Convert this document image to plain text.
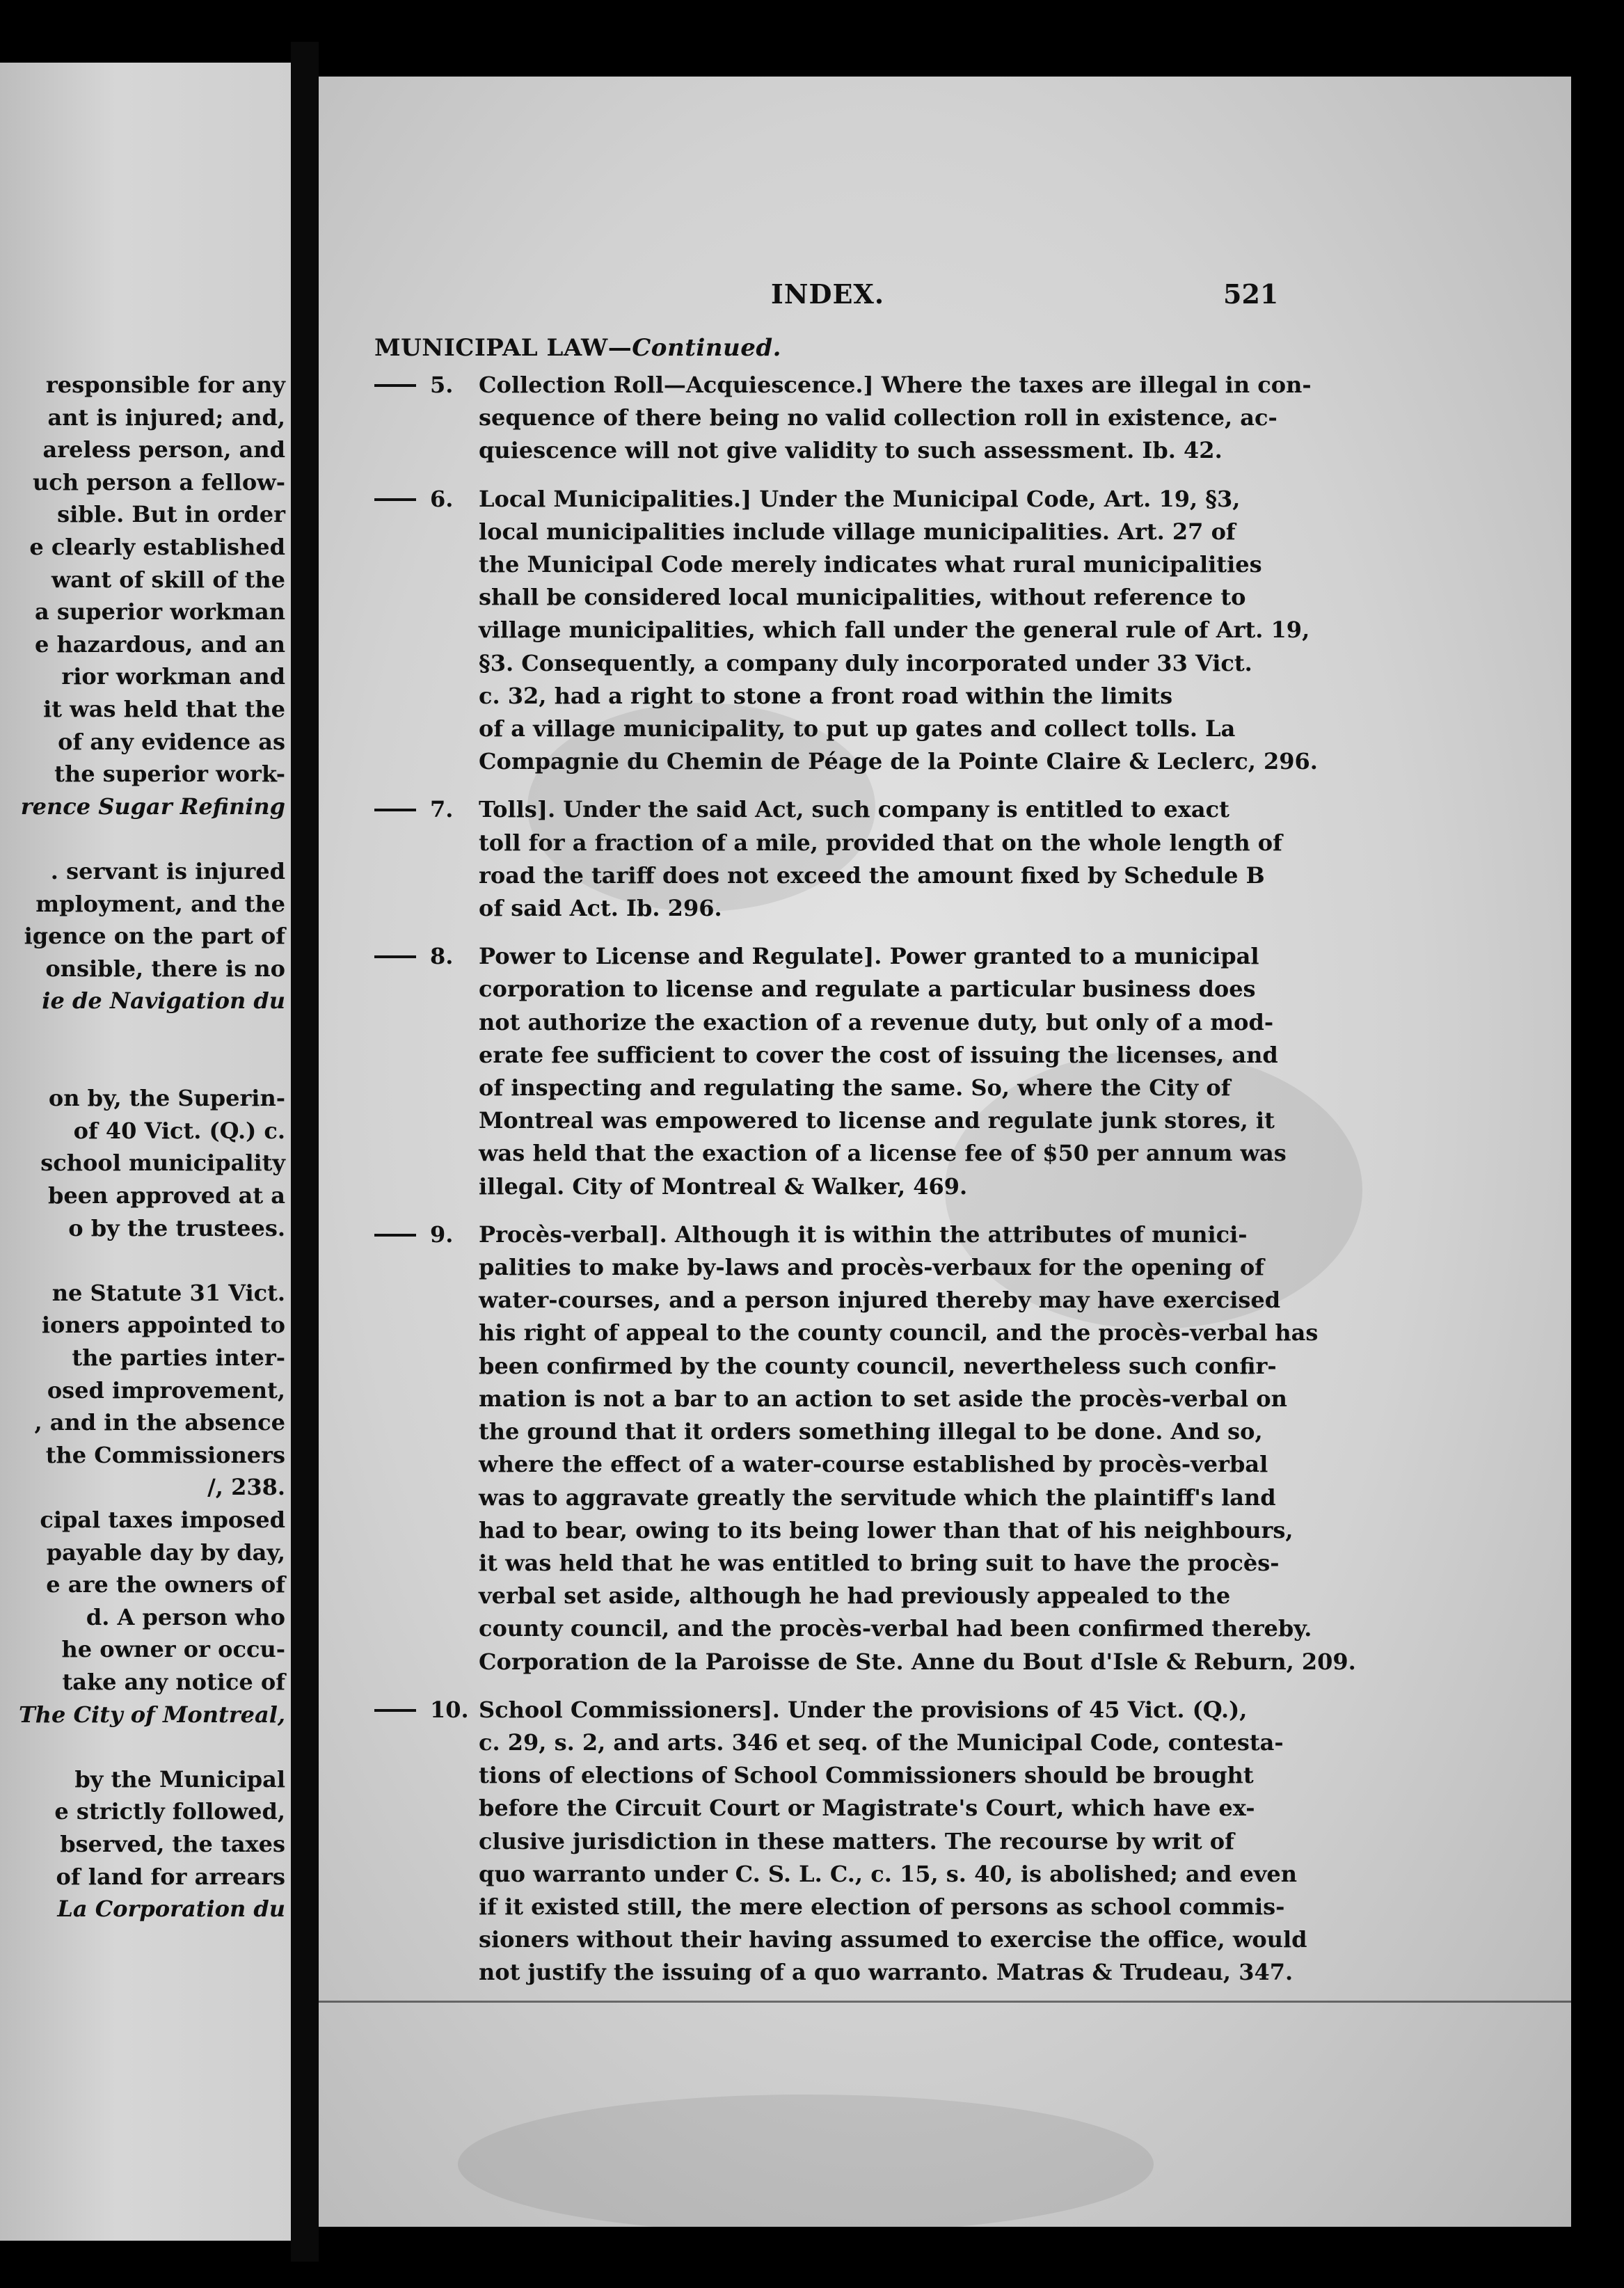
responsible for any
ant is injured; and,
areless person, and
uch person a fellow-
sible. But in order
e clearly established
want of skill of the
a superior workman
e hazardous, and an
rior workman and
it was held that the
of any evidence as
the superior work-
rence Sugar Refining
. servant is injured
mployment, and the
igence on the part of
onsible, there is no
ie de Navigation du
on by, the Superin-
of 40 Vict. (Q.) c.
school municipality
been approved at a
o by the trustees.
ne Statute 31 Vict.
ioners appointed to
the parties inter-
osed improvement,
, and in the absence
the Commissioners
/, 238.
cipal taxes imposed
payable day by day,
e are the owners of
d. A person who
he owner or occu-
take any notice of
The City of Montreal,
by the Municipal
e strictly followed,
bserved, the taxes
of land for arrears
La Corporation du
INDEX.	521
MUNICIPAL LAW—Continued.
5.	Collection Roll—Acquiescence.] Where the taxes are illegal in con-
sequence of there being no valid collection roll in existence, ac-
quiescence will not give validity to such assessment. Ib. 42.
6.	Local Municipalities.] Under the Municipal Code, Art. 19, §3,
local municipalities include village municipalities. Art. 27 of
the Municipal Code merely indicates what rural municipalities
shall be considered local municipalities, without reference to
village municipalities, which fall under the general rule of Art. 19,
§3. Consequently, a company duly incorporated under 33 Vict.
c. 32, had a right to stone a front road within the limits
of a village municipality, to put up gates and collect tolls. La
Compagnie du Chemin de Péage de la Pointe Claire & Leclerc, 296.
7.	Tolls]. Under the said Act, such company is entitled to exact
toll for a fraction of a mile, provided that on the whole length of
road the tariff does not exceed the amount fixed by Schedule B
of said Act. Ib. 296.
8.	Power to License and Regulate]. Power granted to a municipal
corporation to license and regulate a particular business does
not authorize the exaction of a revenue duty, but only of a mod-
erate fee sufficient to cover the cost of issuing the licenses, and
of inspecting and regulating the same. So, where the City of
Montreal was empowered to license and regulate junk stores, it
was held that the exaction of a license fee of $50 per annum was
illegal. City of Montreal & Walker, 469.
9.	Procès-verbal]. Although it is within the attributes of munici-
palities to make by-laws and procès-verbaux for the opening of
water-courses, and a person injured thereby may have exercised
his right of appeal to the county council, and the procès-verbal has
been confirmed by the county council, nevertheless such confir-
mation is not a bar to an action to set aside the procès-verbal on
the ground that it orders something illegal to be done. And so,
where the effect of a water-course established by procès-verbal
was to aggravate greatly the servitude which the plaintiff's land
had to bear, owing to its being lower than that of his neighbours,
it was held that he was entitled to bring suit to have the procès-
verbal set aside, although he had previously appealed to the
county council, and the procès-verbal had been confirmed thereby.
Corporation de la Paroisse de Ste. Anne du Bout d'Isle & Reburn, 209.
10. School Commissioners]. Under the provisions of 45 Vict. (Q.),
c. 29, s. 2, and arts. 346 et seq. of the Municipal Code, contesta-
tions of elections of School Commissioners should be brought
before the Circuit Court or Magistrate's Court, which have ex-
clusive jurisdiction in these matters. The recourse by writ of
quo warranto under C. S. L. C., c. 15, s. 40, is abolished; and even
if it existed still, the mere election of persons as school commis-
sioners without their having assumed to exercise the office, would
not justify the issuing of a quo warranto. Matras & Trudeau, 347.
